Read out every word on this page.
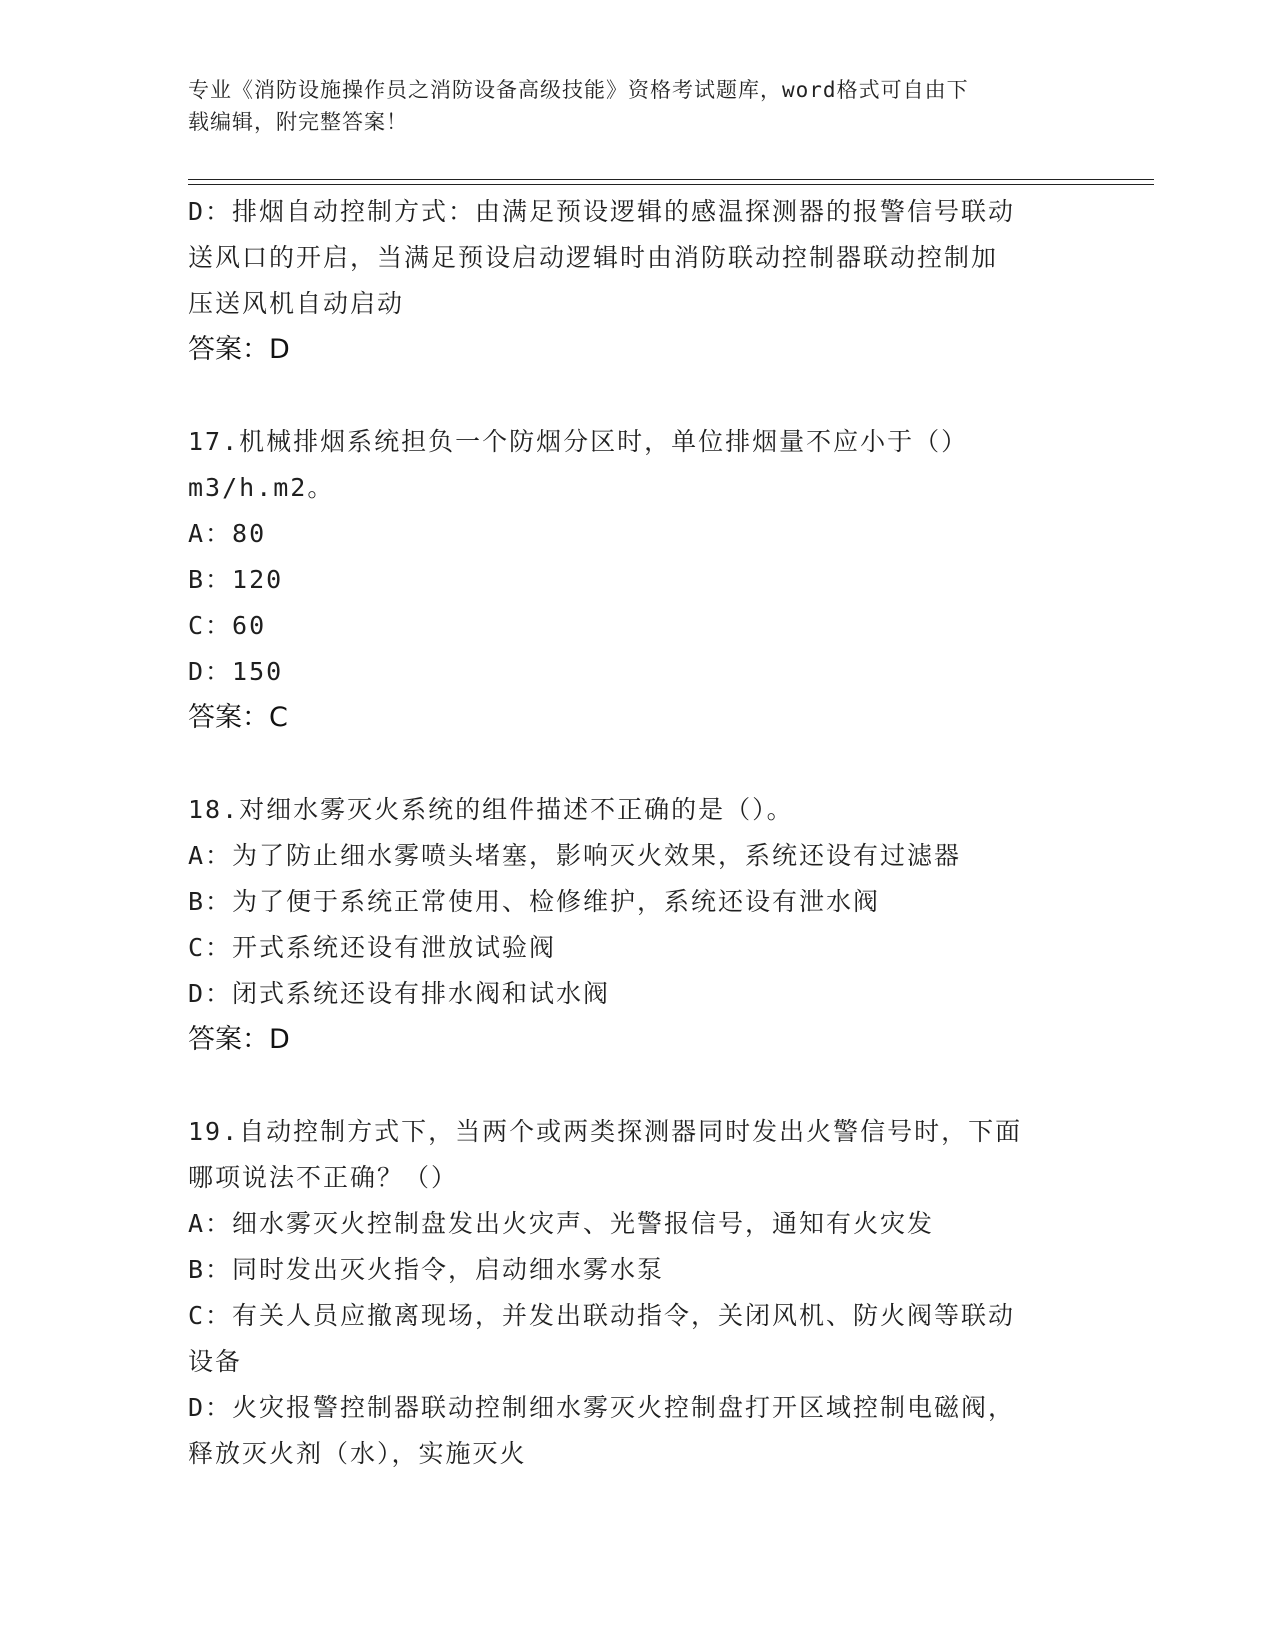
专业《消防设施操作员之消防设备高级技能》资格考试题库，word格式可自由下
载编辑，附完整答案！
D：排烟自动控制方式：由满足预设逻辑的感温探测器的报警信号联动
送风口的开启，当满足预设启动逻辑时由消防联动控制器联动控制加
压送风机自动启动
答案：D
17.机械排烟系统担负一个防烟分区时，单位排烟量不应小于（）
m3/h.m2。
A：80
B：120
C：60
D：150
答案：C
18.对细水雾灭火系统的组件描述不正确的是（）。
A：为了防止细水雾喷头堵塞，影响灭火效果，系统还设有过滤器
B：为了便于系统正常使用、检修维护，系统还设有泄水阀
C：开式系统还设有泄放试验阀
D：闭式系统还设有排水阀和试水阀
答案：D
19.自动控制方式下，当两个或两类探测器同时发出火警信号时，下面
哪项说法不正确？（）
A：细水雾灭火控制盘发出火灾声、光警报信号，通知有火灾发
B：同时发出灭火指令，启动细水雾水泵
C：有关人员应撤离现场，并发出联动指令，关闭风机、防火阀等联动
设备
D：火灾报警控制器联动控制细水雾灭火控制盘打开区域控制电磁阀，
释放灭火剂（水），实施灭火
